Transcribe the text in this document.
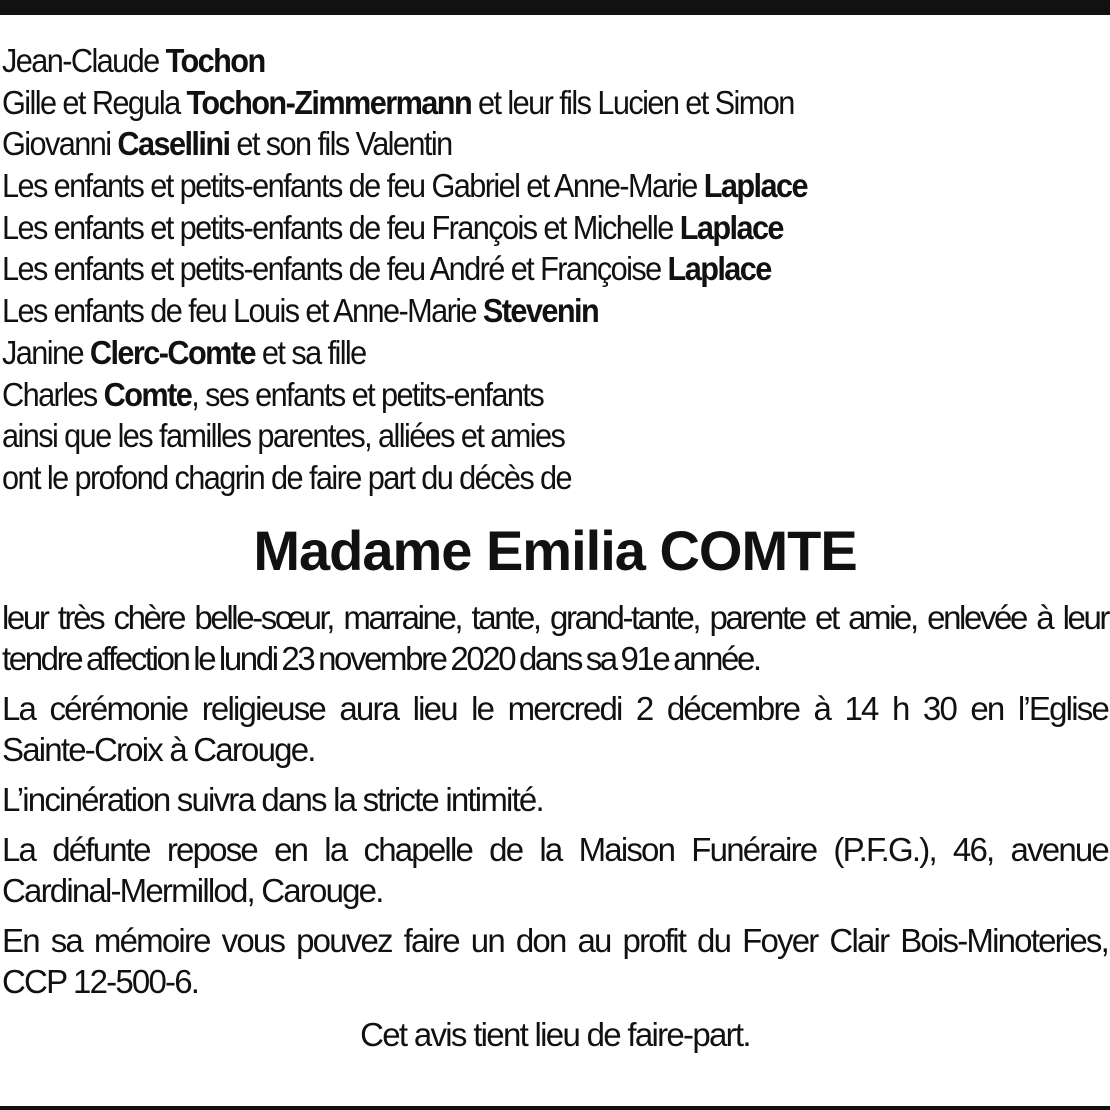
Jean-Claude Tochon
Gille et Regula Tochon-Zimmermann et leur fils Lucien et Simon
Giovanni Casellini et son fils Valentin
Les enfants et petits-enfants de feu Gabriel et Anne-Marie Laplace
Les enfants et petits-enfants de feu François et Michelle Laplace
Les enfants et petits-enfants de feu André et Françoise Laplace
Les enfants de feu Louis et Anne-Marie Stevenin
Janine Clerc-Comte et sa fille
Charles Comte, ses enfants et petits-enfants
ainsi que les familles parentes, alliées et amies
ont le profond chagrin de faire part du décès de
Madame Emilia COMTE

leur très chère belle-sœur, marraine, tante, grand-tante, parente et amie, enlevée à leur tendre affection le lundi 23 novembre 2020 dans sa 91e année.

La cérémonie religieuse aura lieu le mercredi 2 décembre à 14 h 30 en l’Eglise Sainte-Croix à Carouge.

L’incinération suivra dans la stricte intimité.

La défunte repose en la chapelle de la Maison Funéraire (P.F.G.), 46, avenue Cardinal-Mermillod, Carouge.

En sa mémoire vous pouvez faire un don au profit du Foyer Clair Bois-Minoteries, CCP 12-500-6.

Cet avis tient lieu de faire-part.
